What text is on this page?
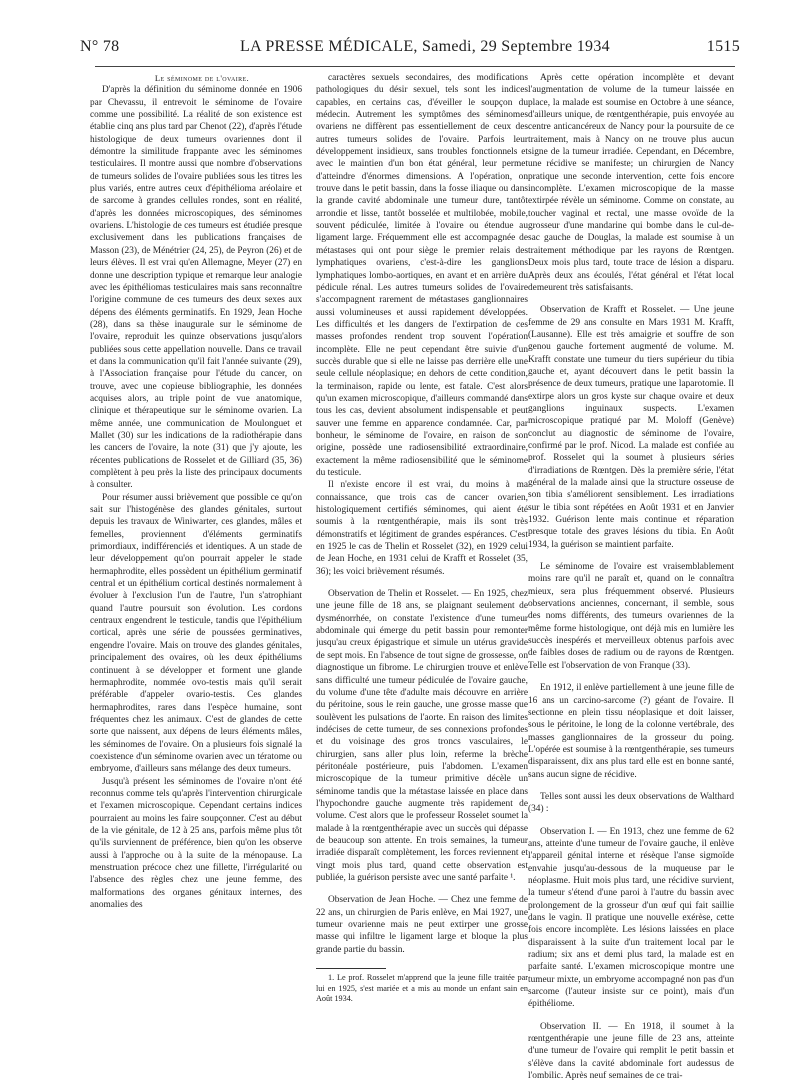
N° 78	LA PRESSE MÉDICALE, Samedi, 29 Septembre 1934	1515

Le séminome de l'ovaire.

D'après la définition du séminome donnée en 1906 par Chevassu, il entrevoit le séminome de l'ovaire comme une possibilité. La réalité de son existence est établie cinq ans plus tard par Chenot (22), d'après l'étude histologique de deux tumeurs ovariennes dont il démontre la similitude frappante avec les séminomes testiculaires. Il montre aussi que nombre d'observations de tumeurs solides de l'ovaire publiées sous les titres les plus variés, entre autres ceux d'épithélioma aréolaire et de sarcome à grandes cellules rondes, sont en réalité, d'après les données microscopiques, des séminomes ovariens. L'histologie de ces tumeurs est étudiée presque exclusivement dans les publications françaises de Masson (23), de Ménétrier (24, 25), de Peyron (26) et de leurs élèves. Il est vrai qu'en Allemagne, Meyer (27) en donne une description typique et remarque leur analogie avec les épithéliomas testiculaires mais sans reconnaître l'origine commune de ces tumeurs des deux sexes aux dépens des éléments germinatifs. En 1929, Jean Hoche (28), dans sa thèse inaugurale sur le séminome de l'ovaire, reproduit les quinze observations jusqu'alors publiées sous cette appellation nouvelle. Dans ce travail et dans la communication qu'il fait l'année suivante (29), à l'Association française pour l'étude du cancer, on trouve, avec une copieuse bibliographie, les données acquises alors, au triple point de vue anatomique, clinique et thérapeutique sur le séminome ovarien. La même année, une communication de Moulonguet et Mallet (30) sur les indications de la radiothérapie dans les cancers de l'ovaire, la note (31) que j'y ajoute, les récentes publications de Rosselet et de Gilliard (35, 36) complètent à peu près la liste des principaux documents à consulter.

Pour résumer aussi brièvement que possible ce qu'on sait sur l'histogénèse des glandes génitales, surtout depuis les travaux de Winiwarter, ces glandes, mâles et femelles, proviennent d'éléments germinatifs primordiaux, indifférenciés et identiques. A un stade de leur développement qu'on pourrait appeler le stade hermaphrodite, elles possèdent un épithélium germinatif central et un épithélium cortical destinés normalement à évoluer à l'exclusion l'un de l'autre, l'un s'atrophiant quand l'autre poursuit son évolution. Les cordons centraux engendrent le testicule, tandis que l'épithélium cortical, après une série de poussées germinatives, engendre l'ovaire. Mais on trouve des glandes génitales, principalement des ovaires, où les deux épithéliums continuent à se développer et forment une glande hermaphrodite, nommée ovo-testis mais qu'il serait préférable d'appeler ovario-testis. Ces glandes hermaphrodites, rares dans l'espèce humaine, sont fréquentes chez les animaux. C'est de glandes de cette sorte que naissent, aux dépens de leurs éléments mâles, les séminomes de l'ovaire. On a plusieurs fois signalé la coexistence d'un séminome ovarien avec un tératome ou embryome, d'ailleurs sans mélange des deux tumeurs.

Jusqu'à présent les séminomes de l'ovaire n'ont été reconnus comme tels qu'après l'intervention chirurgicale et l'examen microscopique. Cependant certains indices pourraient au moins les faire soupçonner. C'est au début de la vie génitale, de 12 à 25 ans, parfois même plus tôt qu'ils surviennent de préférence, bien qu'on les observe aussi à l'approche ou à la suite de la ménopause. La menstruation précoce chez une fillette, l'irrégularité ou l'absence des règles chez une jeune femme, des malformations des organes génitaux internes, des anomalies des

caractères sexuels secondaires, des modifications pathologiques du désir sexuel, tels sont les indices capables, en certains cas, d'éveiller le soupçon du médecin. Autrement les symptômes des séminomes ovariens ne diffèrent pas essentiellement de ceux des autres tumeurs solides de l'ovaire. Parfois leur développement insidieux, sans troubles fonctionnels et avec le maintien d'un bon état général, leur permet d'atteindre d'énormes dimensions. A l'opération, on trouve dans le petit bassin, dans la fosse iliaque ou dans la grande cavité abdominale une tumeur dure, tantôt arrondie et lisse, tantôt bosselée et multilobée, mobile, souvent pédiculée, limitée à l'ovaire ou étendue au ligament large. Fréquemment elle est accompagnée de métastases qui ont pour siège le premier relais des lymphatiques ovariens, c'est-à-dire les ganglions lymphatiques lombo-aortiques, en avant et en arrière du pédicule rénal. Les autres tumeurs solides de l'ovaire s'accompagnent rarement de métastases ganglionnaires aussi volumineuses et aussi rapidement développées. Les difficultés et les dangers de l'extirpation de ces masses profondes rendent trop souvent l'opération incomplète. Elle ne peut cependant être suivie d'un succès durable que si elle ne laisse pas derrière elle une seule cellule néoplasique; en dehors de cette condition, la terminaison, rapide ou lente, est fatale. C'est alors qu'un examen microscopique, d'ailleurs commandé dans tous les cas, devient absolument indispensable et peut sauver une femme en apparence condamnée. Car, par bonheur, le séminome de l'ovaire, en raison de son origine, possède une radiosensibilité extraordinaire, exactement la même radiosensibilité que le séminome du testicule.

Il n'existe encore il est vrai, du moins à ma connaissance, que trois cas de cancer ovarien, histologiquement certifiés séminomes, qui aient été soumis à la rœntgenthérapie, mais ils sont très démonstratifs et légitiment de grandes espérances. C'est en 1925 le cas de Thelin et Rosselet (32), en 1929 celui de Jean Hoche, en 1931 celui de Krafft et Rosselet (35, 36); les voici brièvement résumés.

Observation de Thelin et Rosselet. — En 1925, chez une jeune fille de 18 ans, se plaignant seulement de dysménorrhée, on constate l'existence d'une tumeur abdominale qui émerge du petit bassin pour remonter jusqu'au creux épigastrique et simule un utérus gravide de sept mois. En l'absence de tout signe de grossesse, on diagnostique un fibrome. Le chirurgien trouve et enlève sans difficulté une tumeur pédiculée de l'ovaire gauche, du volume d'une tête d'adulte mais découvre en arrière du péritoine, sous le rein gauche, une grosse masse que soulèvent les pulsations de l'aorte. En raison des limites indécises de cette tumeur, de ses connexions profondes et du voisinage des gros troncs vasculaires, le chirurgien, sans aller plus loin, referme la brèche péritonéale postérieure, puis l'abdomen. L'examen microscopique de la tumeur primitive décèle un séminome tandis que la métastase laissée en place dans l'hypochondre gauche augmente très rapidement de volume. C'est alors que le professeur Rosselet soumet la malade à la rœntgenthérapie avec un succès qui dépasse de beaucoup son attente. En trois semaines, la tumeur irradiée disparaît complètement, les forces reviennent et vingt mois plus tard, quand cette observation est publiée, la guérison persiste avec une santé parfaite ¹.

Observation de Jean Hoche. — Chez une femme de 22 ans, un chirurgien de Paris enlève, en Mai 1927, une tumeur ovarienne mais ne peut extirper une grosse masse qui infiltre le ligament large et bloque la plus grande partie du bassin.

1. Le prof. Rosselet m'apprend que la jeune fille traitée par lui en 1925, s'est mariée et a mis au monde un enfant sain en Août 1934.

Après cette opération incomplète et devant l'augmentation de volume de la tumeur laissée en place, la malade est soumise en Octobre à une séance, d'ailleurs unique, de rœntgenthérapie, puis envoyée au centre anticancéreux de Nancy pour la poursuite de ce traitement, mais à Nancy on ne trouve plus aucun signe de la tumeur irradiée. Cependant, en Décembre, une récidive se manifeste; un chirurgien de Nancy pratique une seconde intervention, cette fois encore incomplète. L'examen microscopique de la masse extirpée révèle un séminome. Comme on constate, au toucher vaginal et rectal, une masse ovoïde de la grosseur d'une mandarine qui bombe dans le cul-de-sac gauche de Douglas, la malade est soumise à un traitement méthodique par les rayons de Rœntgen. Deux mois plus tard, toute trace de lésion a disparu. Après deux ans écoulés, l'état général et l'état local demeurent très satisfaisants.

Observation de Krafft et Rosselet. — Une jeune femme de 29 ans consulte en Mars 1931 M. Krafft, (Lausanne). Elle est très amaigrie et souffre de son genou gauche fortement augmenté de volume. M. Krafft constate une tumeur du tiers supérieur du tibia gauche et, ayant découvert dans le petit bassin la présence de deux tumeurs, pratique une laparotomie. Il extirpe alors un gros kyste sur chaque ovaire et deux ganglions inguinaux suspects. L'examen microscopique pratiqué par M. Moloff (Genève) conclut au diagnostic de séminome de l'ovaire, confirmé par le prof. Nicod. La malade est confiée au prof. Rosselet qui la soumet à plusieurs séries d'irradiations de Rœntgen. Dès la première série, l'état général de la malade ainsi que la structure osseuse de son tibia s'améliorent sensiblement. Les irradiations sur le tibia sont répétées en Août 1931 et en Janvier 1932. Guérison lente mais continue et réparation presque totale des graves lésions du tibia. En Août 1934, la guérison se maintient parfaite.

Le séminome de l'ovaire est vraisemblablement moins rare qu'il ne paraît et, quand on le connaîtra mieux, sera plus fréquemment observé. Plusieurs observations anciennes, concernant, il semble, sous des noms différents, des tumeurs ovariennes de la même forme histologique, ont déjà mis en lumière les succès inespérés et merveilleux obtenus parfois avec de faibles doses de radium ou de rayons de Rœntgen. Telle est l'observation de von Franque (33).

En 1912, il enlève partiellement à une jeune fille de 16 ans un carcino-sarcome (?) géant de l'ovaire. Il sectionne en plein tissu néoplasique et doit laisser, sous le péritoine, le long de la colonne vertébrale, des masses ganglionnaires de la grosseur du poing. L'opérée est soumise à la rœntgenthérapie, ses tumeurs disparaissent, dix ans plus tard elle est en bonne santé, sans aucun signe de récidive.

Telles sont aussi les deux observations de Walthard (34) :

Observation I. — En 1913, chez une femme de 62 ans, atteinte d'une tumeur de l'ovaire gauche, il enlève l'appareil génital interne et résèque l'anse sigmoïde envahie jusqu'au-dessous de la muqueuse par le néoplasme. Huit mois plus tard, une récidive survient, la tumeur s'étend d'une paroi à l'autre du bassin avec prolongement de la grosseur d'un œuf qui fait saillie dans le vagin. Il pratique une nouvelle exérèse, cette fois encore incomplète. Les lésions laissées en place disparaissent à la suite d'un traitement local par le radium; six ans et demi plus tard, la malade est en parfaite santé. L'examen microscopique montre une tumeur mixte, un embryome accompagné non pas d'un sarcome (l'auteur insiste sur ce point), mais d'un épithéliome.

Observation II. — En 1918, il soumet à la rœntgenthérapie une jeune fille de 23 ans, atteinte d'une tumeur de l'ovaire qui remplit le petit bassin et s'élève dans la cavité abdominale fort audessus de l'ombilic. Après neuf semaines de ce trai-
